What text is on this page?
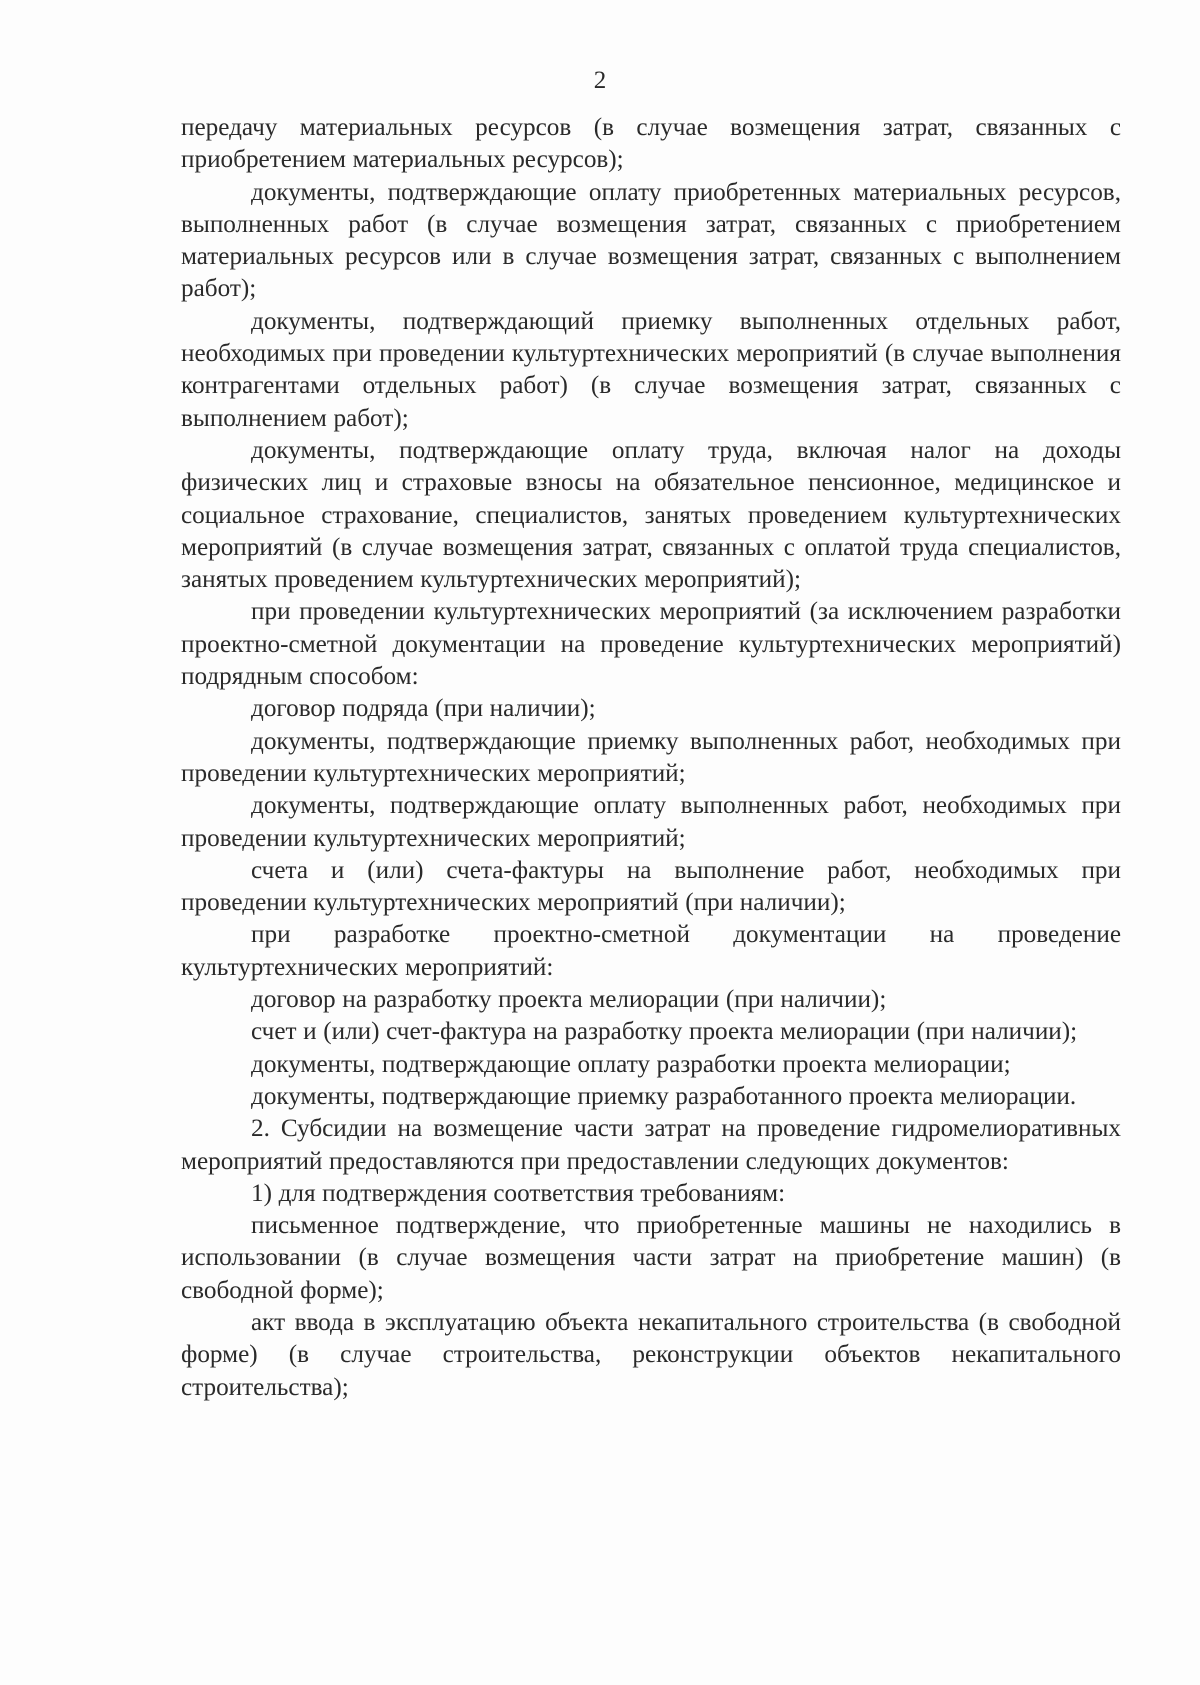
2

передачу материальных ресурсов (в случае возмещения затрат, связанных с приобретением материальных ресурсов);

документы, подтверждающие оплату приобретенных материальных ресурсов, выполненных работ (в случае возмещения затрат, связанных с приобретением материальных ресурсов или в случае возмещения затрат, связанных с выполнением работ);

документы, подтверждающий приемку выполненных отдельных работ, необходимых при проведении культуртехнических мероприятий (в случае выполнения контрагентами отдельных работ) (в случае возмещения затрат, связанных с выполнением работ);

документы, подтверждающие оплату труда, включая налог на доходы физических лиц и страховые взносы на обязательное пенсионное, медицинское и социальное страхование, специалистов, занятых проведением культуртехнических мероприятий (в случае возмещения затрат, связанных с оплатой труда специалистов, занятых проведением культуртехнических мероприятий);

при проведении культуртехнических мероприятий (за исключением разработки проектно-сметной документации на проведение культуртехнических мероприятий) подрядным способом:

договор подряда (при наличии);

документы, подтверждающие приемку выполненных работ, необходимых при проведении культуртехнических мероприятий;

документы, подтверждающие оплату выполненных работ, необходимых при проведении культуртехнических мероприятий;

счета и (или) счета-фактуры на выполнение работ, необходимых при проведении культуртехнических мероприятий (при наличии);

при разработке проектно-сметной документации на проведение культуртехнических мероприятий:

договор на разработку проекта мелиорации (при наличии);

счет и (или) счет-фактура на разработку проекта мелиорации (при наличии);

документы, подтверждающие оплату разработки проекта мелиорации;

документы, подтверждающие приемку разработанного проекта мелиорации.

2. Субсидии на возмещение части затрат на проведение гидромелиоративных мероприятий предоставляются при предоставлении следующих документов:

1) для подтверждения соответствия требованиям:

письменное подтверждение, что приобретенные машины не находились в использовании (в случае возмещения части затрат на приобретение машин) (в свободной форме);

акт ввода в эксплуатацию объекта некапитального строительства (в свободной форме) (в случае строительства, реконструкции объектов некапитального строительства);
